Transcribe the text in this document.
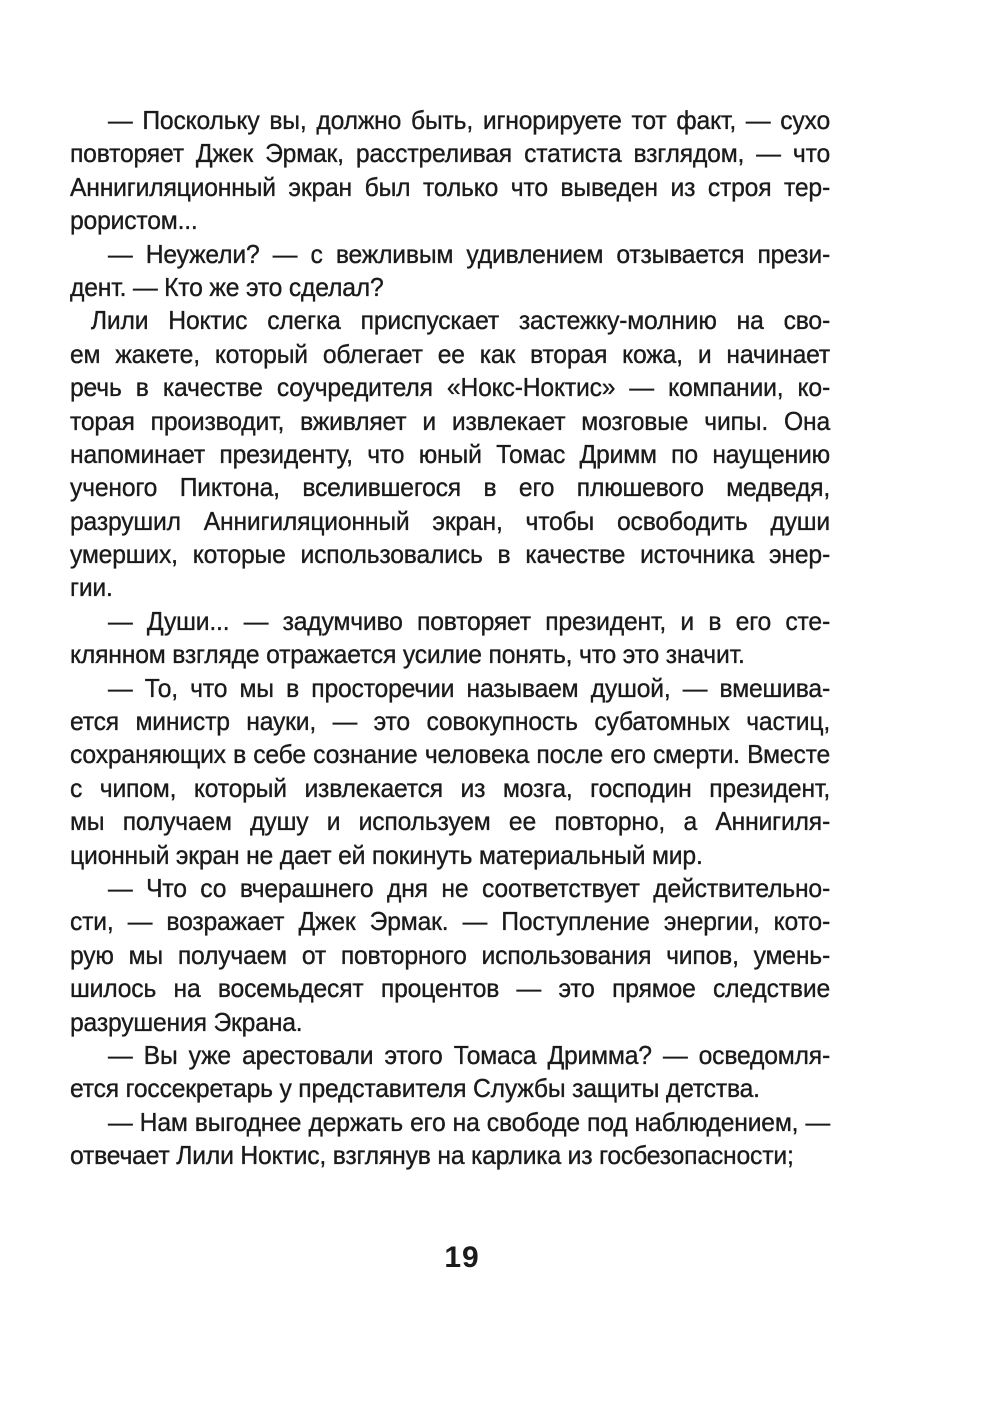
— Поскольку вы, должно быть, игнорируете тот факт, — сухо
повторяет Джек Эрмак, расстреливая статиста взглядом, — что
Аннигиляционный экран был только что выведен из строя тер-
рористом...
— Неужели? — с вежливым удивлением отзывается прези-
дент. — Кто же это сделал?
Лили Ноктис слегка приспускает застежку-молнию на сво-
ем жакете, который облегает ее как вторая кожа, и начинает
речь в качестве соучредителя «Нокс-Ноктис» — компании, ко-
торая производит, вживляет и извлекает мозговые чипы. Она
напоминает президенту, что юный Томас Дримм по наущению
ученого Пиктона, вселившегося в его плюшевого медведя,
разрушил Аннигиляционный экран, чтобы освободить души
умерших, которые использовались в качестве источника энер-
гии.
— Души... — задумчиво повторяет президент, и в его сте-
клянном взгляде отражается усилие понять, что это значит.
— То, что мы в просторечии называем душой, — вмешива-
ется министр науки, — это совокупность субатомных частиц,
сохраняющих в себе сознание человека после его смерти. Вместе
с чипом, который извлекается из мозга, господин президент,
мы получаем душу и используем ее повторно, а Аннигиля-
ционный экран не дает ей покинуть материальный мир.
— Что со вчерашнего дня не соответствует действительно-
сти, — возражает Джек Эрмак. — Поступление энергии, кото-
рую мы получаем от повторного использования чипов, умень-
шилось на восемьдесят процентов — это прямое следствие
разрушения Экрана.
— Вы уже арестовали этого Томаса Дримма? — осведомля-
ется госсекретарь у представителя Службы защиты детства.
— Нам выгоднее держать его на свободе под наблюдением, —
отвечает Лили Ноктис, взглянув на карлика из госбезопасности;
19
